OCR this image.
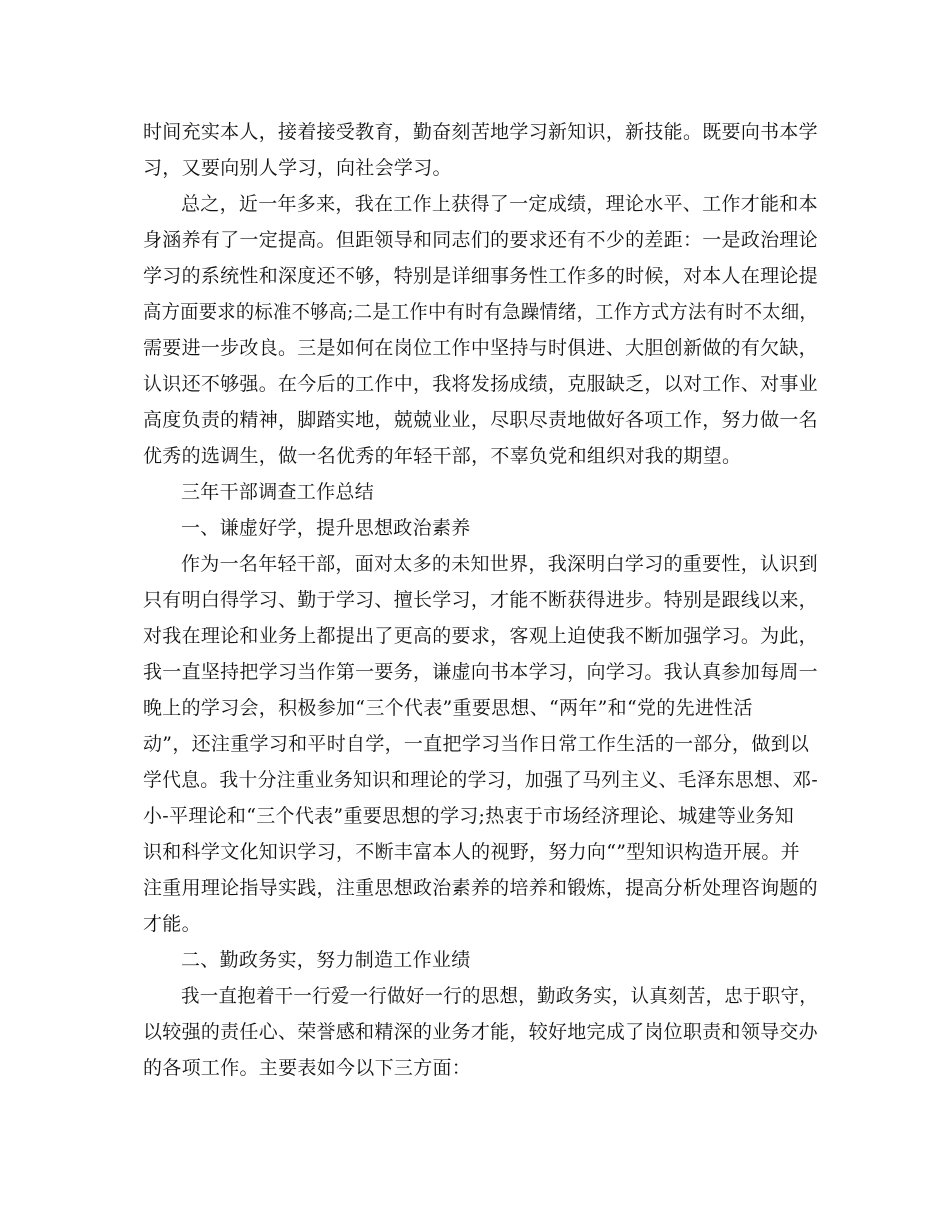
时间充实本人，接着接受教育，勤奋刻苦地学习新知识，新技能。既要向书本学
习，又要向别人学习，向社会学习。
总之，近一年多来，我在工作上获得了一定成绩，理论水平、工作才能和本
身涵养有了一定提高。但距领导和同志们的要求还有不少的差距：一是政治理论
学习的系统性和深度还不够，特别是详细事务性工作多的时候，对本人在理论提
高方面要求的标准不够高;二是工作中有时有急躁情绪，工作方式方法有时不太细，
需要进一步改良。三是如何在岗位工作中坚持与时俱进、大胆创新做的有欠缺，
认识还不够强。在今后的工作中，我将发扬成绩，克服缺乏，以对工作、对事业
高度负责的精神，脚踏实地，兢兢业业，尽职尽责地做好各项工作，努力做一名
优秀的选调生，做一名优秀的年轻干部，不辜负党和组织对我的期望。
三年干部调查工作总结
一、谦虚好学，提升思想政治素养
作为一名年轻干部，面对太多的未知世界，我深明白学习的重要性，认识到
只有明白得学习、勤于学习、擅长学习，才能不断获得进步。特别是跟线以来，
对我在理论和业务上都提出了更高的要求，客观上迫使我不断加强学习。为此，
我一直坚持把学习当作第一要务，谦虚向书本学习，向学习。我认真参加每周一
晚上的学习会，积极参加“三个代表”重要思想、“两年”和“党的先进性活
动”，还注重学习和平时自学，一直把学习当作日常工作生活的一部分，做到以
学代息。我十分注重业务知识和理论的学习，加强了马列主义、毛泽东思想、邓-
小-平理论和“三个代表”重要思想的学习;热衷于市场经济理论、城建等业务知
识和科学文化知识学习，不断丰富本人的视野，努力向“”型知识构造开展。并
注重用理论指导实践，注重思想政治素养的培养和锻炼，提高分析处理咨询题的
才能。
二、勤政务实，努力制造工作业绩
我一直抱着干一行爱一行做好一行的思想，勤政务实，认真刻苦，忠于职守，
以较强的责任心、荣誉感和精深的业务才能，较好地完成了岗位职责和领导交办
的各项工作。主要表如今以下三方面：
